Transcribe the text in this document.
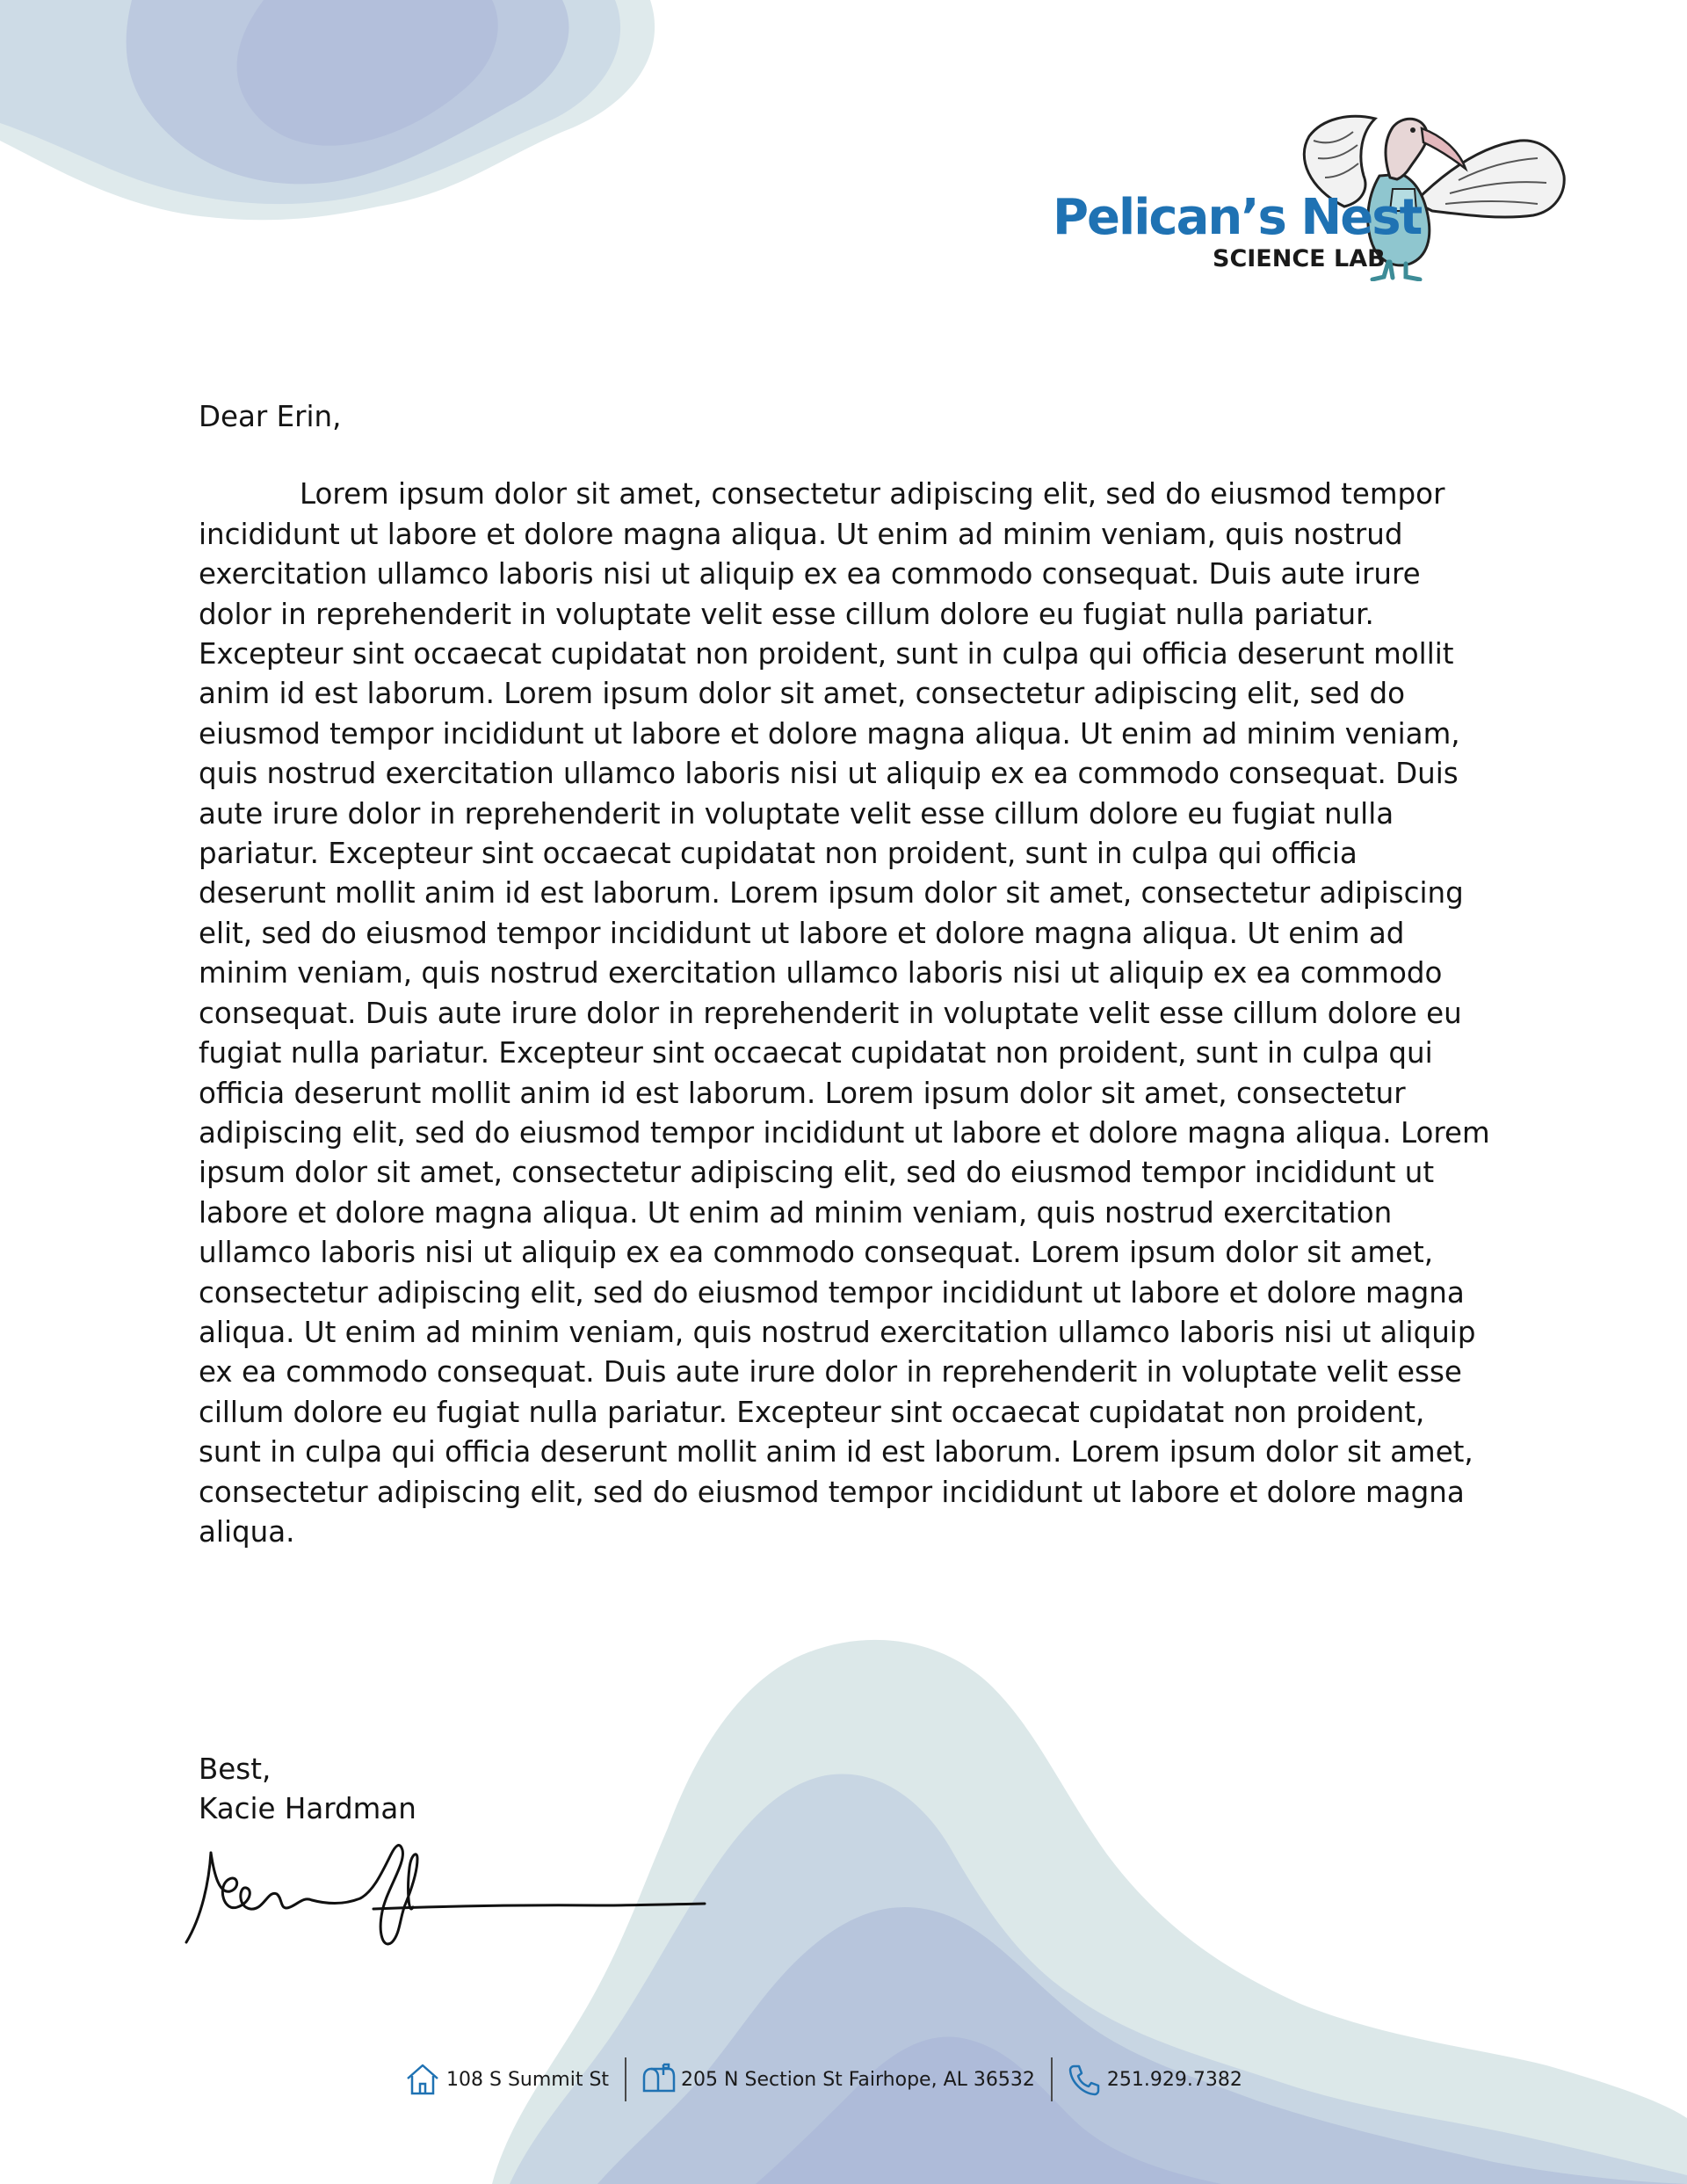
Pelican’s Nest
SCIENCE LAB

Dear Erin,

Lorem ipsum dolor sit amet, consectetur adipiscing elit, sed do eiusmod tempor incididunt ut labore et dolore magna aliqua. Ut enim ad minim veniam, quis nostrud exercitation ullamco laboris nisi ut aliquip ex ea commodo consequat. Duis aute irure dolor in reprehenderit in voluptate velit esse cillum dolore eu fugiat nulla pariatur. Excepteur sint occaecat cupidatat non proident, sunt in culpa qui officia deserunt mollit anim id est laborum. Lorem ipsum dolor sit amet, consectetur adipiscing elit, sed do eiusmod tempor incididunt ut labore et dolore magna aliqua. Ut enim ad minim veniam, quis nostrud exercitation ullamco laboris nisi ut aliquip ex ea commodo consequat. Duis aute irure dolor in reprehenderit in voluptate velit esse cillum dolore eu fugiat nulla pariatur. Excepteur sint occaecat cupidatat non proident, sunt in culpa qui officia deserunt mollit anim id est laborum. Lorem ipsum dolor sit amet, consectetur adipiscing elit, sed do eiusmod tempor incididunt ut labore et dolore magna aliqua. Ut enim ad minim veniam, quis nostrud exercitation ullamco laboris nisi ut aliquip ex ea commodo consequat. Duis aute irure dolor in reprehenderit in voluptate velit esse cillum dolore eu fugiat nulla pariatur. Excepteur sint occaecat cupidatat non proident, sunt in culpa qui officia deserunt mollit anim id est laborum. Lorem ipsum dolor sit amet, consectetur adipiscing elit, sed do eiusmod tempor incididunt ut labore et dolore magna aliqua. Lorem ipsum dolor sit amet, consectetur adipiscing elit, sed do eiusmod tempor incididunt ut labore et dolore magna aliqua. Ut enim ad minim veniam, quis nostrud exercitation ullamco laboris nisi ut aliquip ex ea commodo consequat. Lorem ipsum dolor sit amet, consectetur adipiscing elit, sed do eiusmod tempor incididunt ut labore et dolore magna aliqua. Ut enim ad minim veniam, quis nostrud exercitation ullamco laboris nisi ut aliquip ex ea commodo consequat. Duis aute irure dolor in reprehenderit in voluptate velit esse cillum dolore eu fugiat nulla pariatur. Excepteur sint occaecat cupidatat non proident, sunt in culpa qui officia deserunt mollit anim id est laborum. Lorem ipsum dolor sit amet, consectetur adipiscing elit, sed do eiusmod tempor incididunt ut labore et dolore magna aliqua.

Best,
Kacie Hardman
108 S Summit St	205 N Section St Fairhope, AL 36532	251.929.7382
